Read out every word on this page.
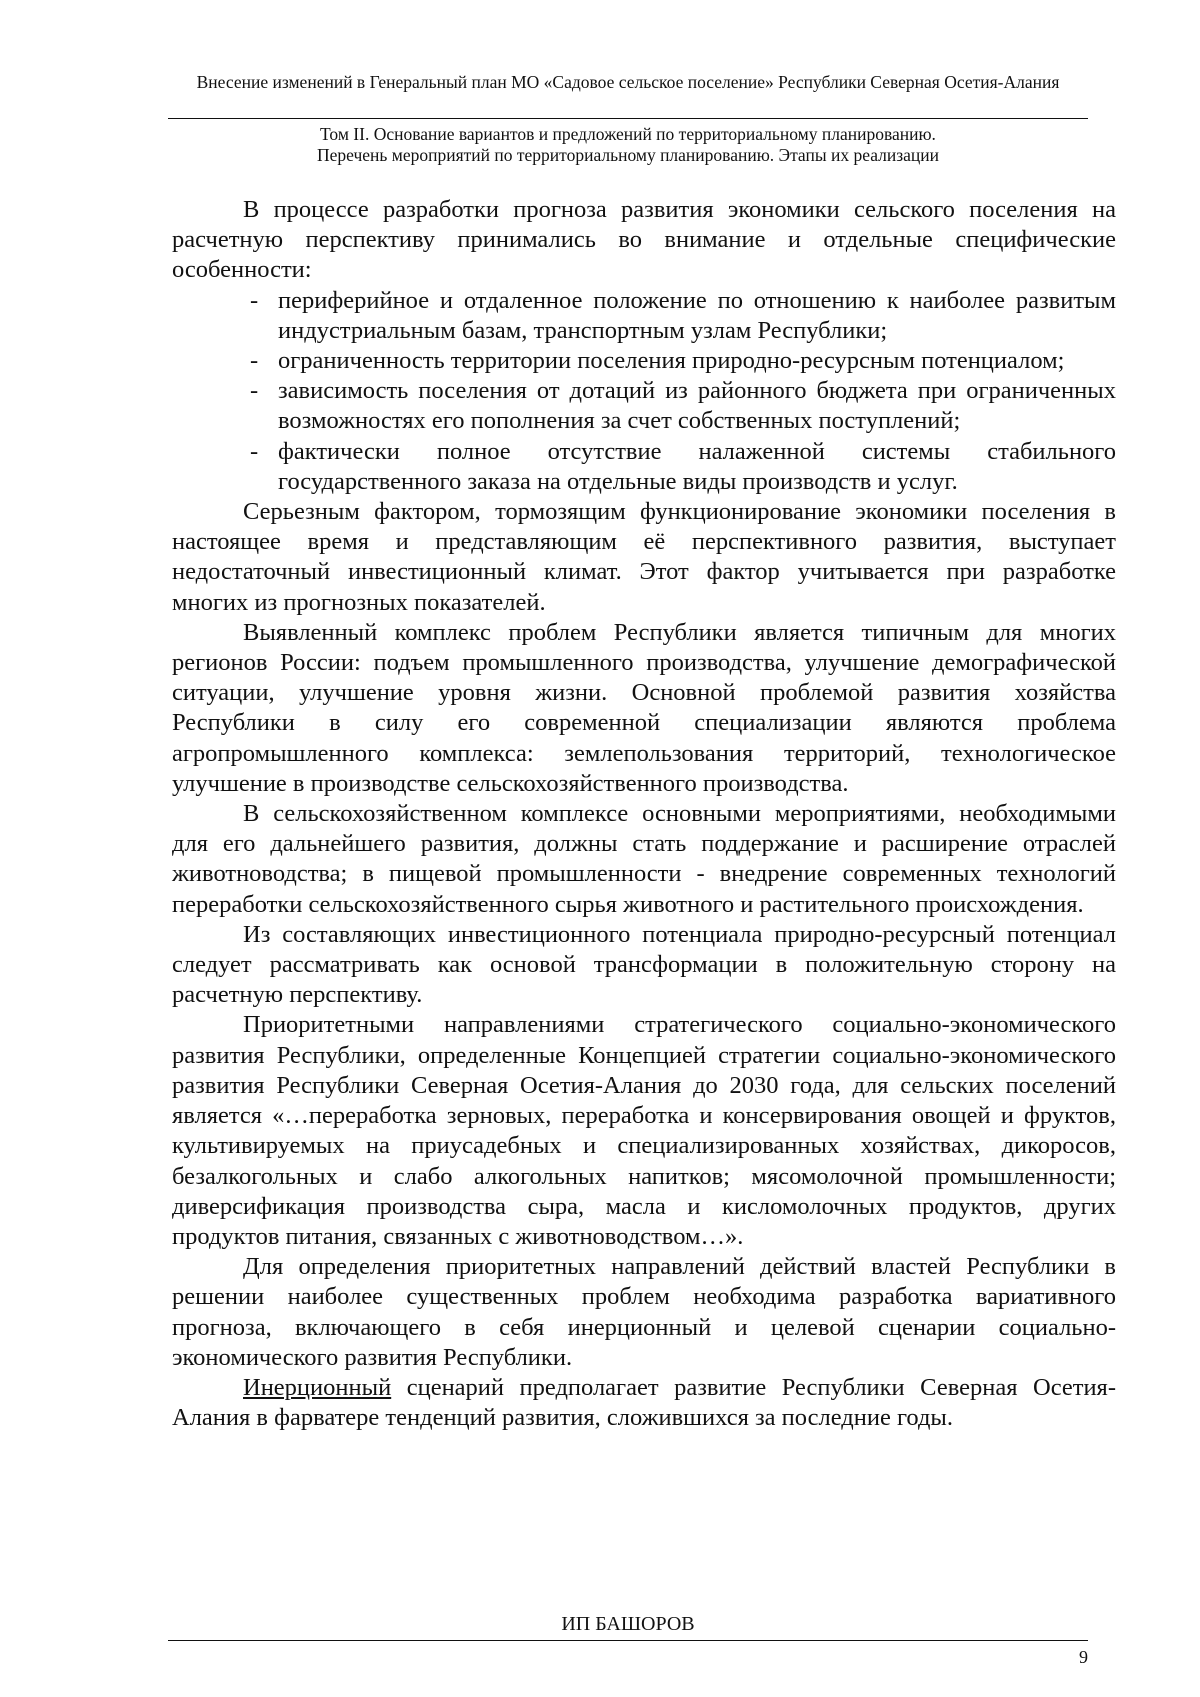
Внесение изменений в Генеральный план МО «Садовое сельское поселение» Республики Северная Осетия-Алания
Том II. Основание вариантов и предложений по территориальному планированию.
Перечень мероприятий по территориальному планированию. Этапы их реализации

В процессе разработки прогноза развития экономики сельского поселения на расчетную перспективу принимались во внимание и отдельные специфические особенности:

- периферийное и отдаленное положение по отношению к наиболее развитым индустриальным базам, транспортным узлам Республики;
- ограниченность территории поселения природно-ресурсным потенциалом;
- зависимость поселения от дотаций из районного бюджета при ограниченных возможностях его пополнения за счет собственных поступлений;
- фактически полное отсутствие налаженной системы стабильного государственного заказа на отдельные виды производств и услуг.

Серьезным фактором, тормозящим функционирование экономики поселения в настоящее время и представляющим её перспективного развития, выступает недостаточный инвестиционный климат. Этот фактор учитывается при разработке многих из прогнозных показателей.

Выявленный комплекс проблем Республики является типичным для многих регионов России: подъем промышленного производства, улучшение демографической ситуации, улучшение уровня жизни. Основной проблемой развития хозяйства Республики в силу его современной специализации являются проблема агропромышленного комплекса: землепользования территорий, технологическое улучшение в производстве сельскохозяйственного производства.

В сельскохозяйственном комплексе основными мероприятиями, необходимыми для его дальнейшего развития, должны стать поддержание и расширение отраслей животноводства; в пищевой промышленности - внедрение современных технологий переработки сельскохозяйственного сырья животного и растительного происхождения.

Из составляющих инвестиционного потенциала природно-ресурсный потенциал следует рассматривать как основой трансформации в положительную сторону на расчетную перспективу.

Приоритетными направлениями стратегического социально-экономического развития Республики, определенные Концепцией стратегии социально-экономического развития Республики Северная Осетия-Алания до 2030 года, для сельских поселений является «…переработка зерновых, переработка и консервирования овощей и фруктов, культивируемых на приусадебных и специализированных хозяйствах, дикоросов, безалкогольных и слабо алкогольных напитков; мясомолочной промышленности; диверсификация производства сыра, масла и кисломолочных продуктов, других продуктов питания, связанных с животноводством…».

Для определения приоритетных направлений действий властей Республики в решении наиболее существенных проблем необходима разработка вариативного прогноза, включающего в себя инерционный и целевой сценарии социально-экономического развития Республики.

Инерционный сценарий предполагает развитие Республики Северная Осетия-Алания в фарватере тенденций развития, сложившихся за последние годы.

ИП БАШОРОВ
9
